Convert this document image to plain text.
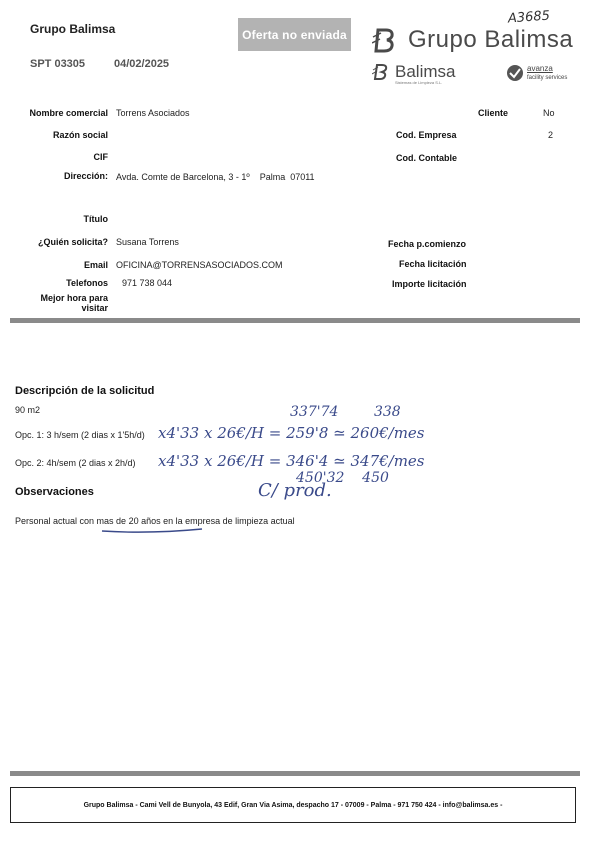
Grupo Balimsa
SPT 03305	04/02/2025
Oferta no enviada
A3685
Grupo Balimsa
Balimsa
Sistemas de Limpieza S.L.
avanza
facility services
Nombre comercial Torrens Asociados
Razón social
CIF
Dirección: Avda. Comte de Barcelona, 3 - 1º    Palma  07011
Título
¿Quién solicita? Susana Torrens
Email OFICINA@TORRENSASOCIADOS.COM
Telefonos 971 738 044
Mejor hora para
visitar
Cliente	No
Cod. Empresa	2
Cod. Contable
Fecha p.comienzo
Fecha licitación
Importe licitación
Descripción de la solicitud
90 m2	337'74        338
Opc. 1: 3 h/sem (2 dias x 1'5h/d) x4'33 x 26€/H = 259'8 ≃ 260€/mes
Opc. 2: 4h/sem (2 dias x 2h/d) x4'33 x 26€/H = 346'4 ≃ 347€/mes
450'32    450
Observaciones	C/ prod.
Personal actual con mas de 20 años en la empresa de limpieza actual
Grupo Balimsa - Cami Vell de Bunyola, 43 Edif, Gran Via Asima, despacho 17 - 07009 - Palma - 971 750 424 - info@balimsa.es -
